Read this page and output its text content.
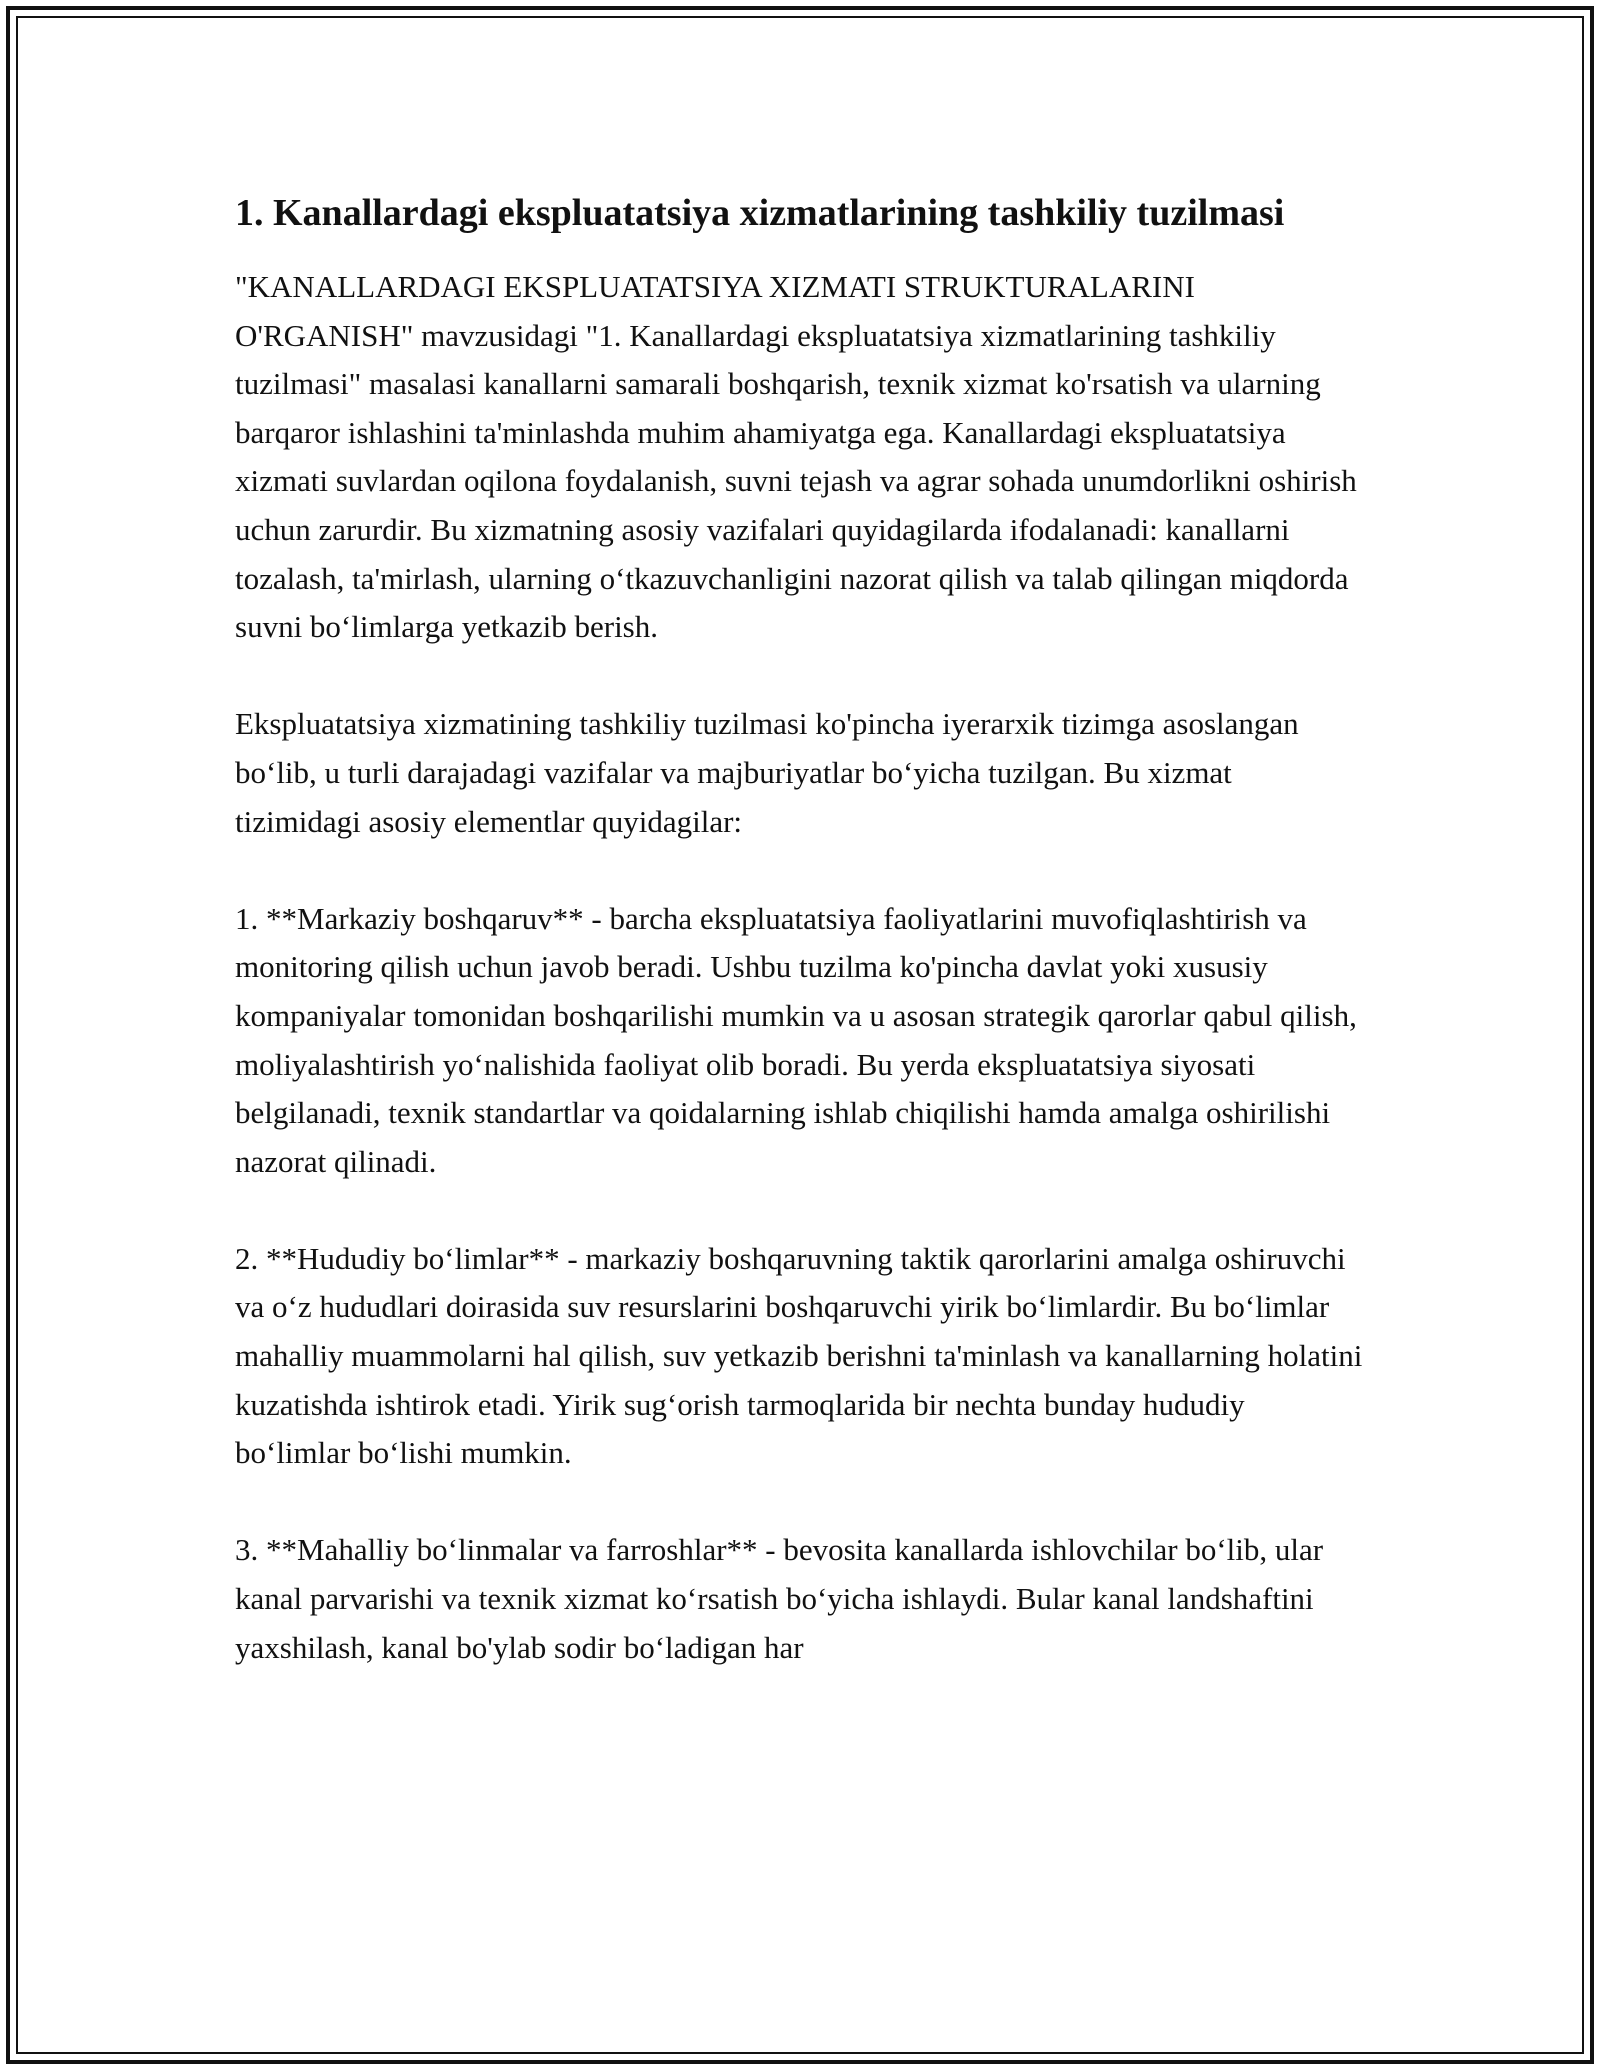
1. Kanallardagi ekspluatatsiya xizmatlarining tashkiliy tuzilmasi

"KANALLARDAGI EKSPLUATATSIYA XIZMATI STRUKTURALARINI O'RGANISH" mavzusidagi "1. Kanallardagi ekspluatatsiya xizmatlarining tashkiliy tuzilmasi" masalasi kanallarni samarali boshqarish, texnik xizmat ko'rsatish va ularning barqaror ishlashini ta'minlashda muhim ahamiyatga ega. Kanallardagi ekspluatatsiya xizmati suvlardan oqilona foydalanish, suvni tejash va agrar sohada unumdorlikni oshirish uchun zarurdir. Bu xizmatning asosiy vazifalari quyidagilarda ifodalanadi: kanallarni tozalash, ta'mirlash, ularning o‘tkazuvchanligini nazorat qilish va talab qilingan miqdorda suvni bo‘limlarga yetkazib berish.

Ekspluatatsiya xizmatining tashkiliy tuzilmasi ko'pincha iyerarxik tizimga asoslangan bo‘lib, u turli darajadagi vazifalar va majburiyatlar bo‘yicha tuzilgan. Bu xizmat tizimidagi asosiy elementlar quyidagilar:

1. **Markaziy boshqaruv** - barcha ekspluatatsiya faoliyatlarini muvofiqlashtirish va monitoring qilish uchun javob beradi. Ushbu tuzilma ko'pincha davlat yoki xususiy kompaniyalar tomonidan boshqarilishi mumkin va u asosan strategik qarorlar qabul qilish, moliyalashtirish yo‘nalishida faoliyat olib boradi. Bu yerda ekspluatatsiya siyosati belgilanadi, texnik standartlar va qoidalarning ishlab chiqilishi hamda amalga oshirilishi nazorat qilinadi.

2. **Hududiy bo‘limlar** - markaziy boshqaruvning taktik qarorlarini amalga oshiruvchi va o‘z hududlari doirasida suv resurslarini boshqaruvchi yirik bo‘limlardir. Bu bo‘limlar mahalliy muammolarni hal qilish, suv yetkazib berishni ta'minlash va kanallarning holatini kuzatishda ishtirok etadi. Yirik sug‘orish tarmoqlarida bir nechta bunday hududiy bo‘limlar bo‘lishi mumkin.

3. **Mahalliy bo‘linmalar va farroshlar** - bevosita kanallarda ishlovchilar bo‘lib, ular kanal parvarishi va texnik xizmat ko‘rsatish bo‘yicha ishlaydi. Bular kanal landshaftini yaxshilash, kanal bo'ylab sodir bo‘ladigan har
